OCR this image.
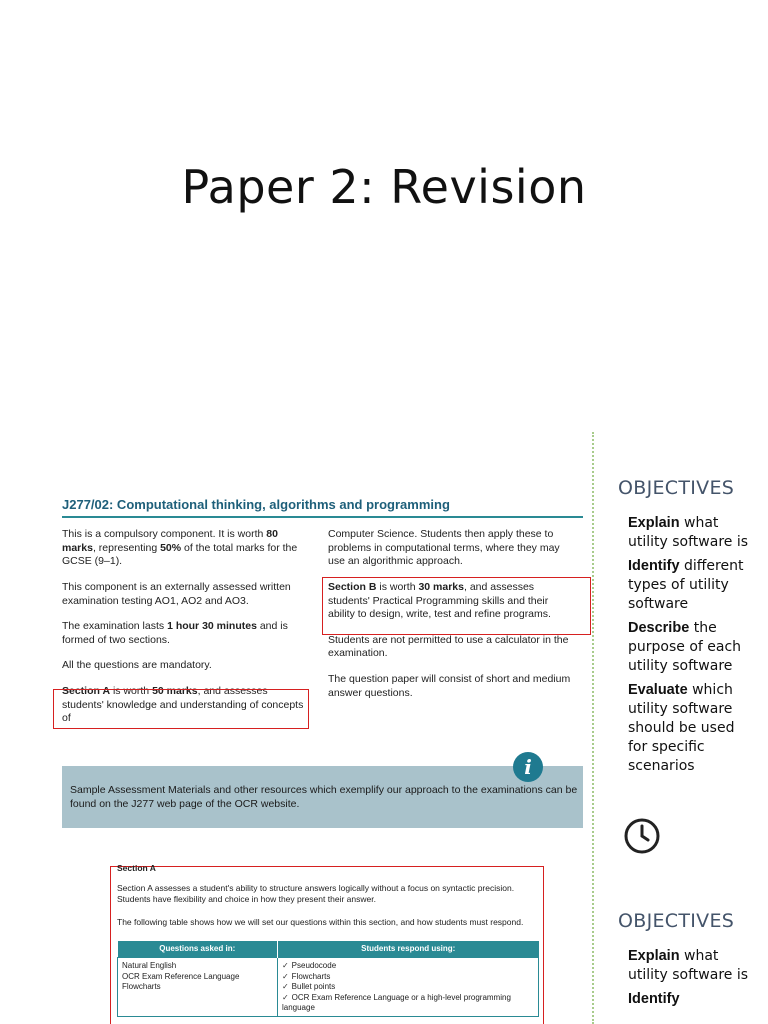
Paper 2: Revision
J277/02: Computational thinking, algorithms and programming

This is a compulsory component. It is worth 80 marks, representing 50% of the total marks for the GCSE (9–1).

This component is an externally assessed written examination testing AO1, AO2 and AO3.

The examination lasts 1 hour 30 minutes and is formed of two sections.

All the questions are mandatory.

Section A is worth 50 marks, and assesses students' knowledge and understanding of concepts of

Computer Science. Students then apply these to problems in computational terms, where they may use an algorithmic approach.

Section B is worth 30 marks, and assesses students' Practical Programming skills and their ability to design, write, test and refine programs.

Students are not permitted to use a calculator in the examination.

The question paper will consist of short and medium answer questions.

Sample Assessment Materials and other resources which exemplify our approach to the examinations can be found on the J277 web page of the OCR website.
i
Section A
Section A assesses a student's ability to structure answers logically without a focus on syntactic precision. Students have flexibility and choice in how they present their answer.
The following table shows how we will set our questions within this section, and how students must respond.
Questions asked in:	Students respond using:

Natural English
OCR Exam Reference Language
Flowcharts	✓ Pseudocode
✓ Flowcharts
✓ Bullet points
✓ OCR Exam Reference Language or a high-level programming language
OBJECTIVES
Explain what utility software is
Identify different types of utility software
Describe the purpose of each utility software
Evaluate which utility software should be used for specific scenarios
OBJECTIVES
Explain what utility software is
Identify
